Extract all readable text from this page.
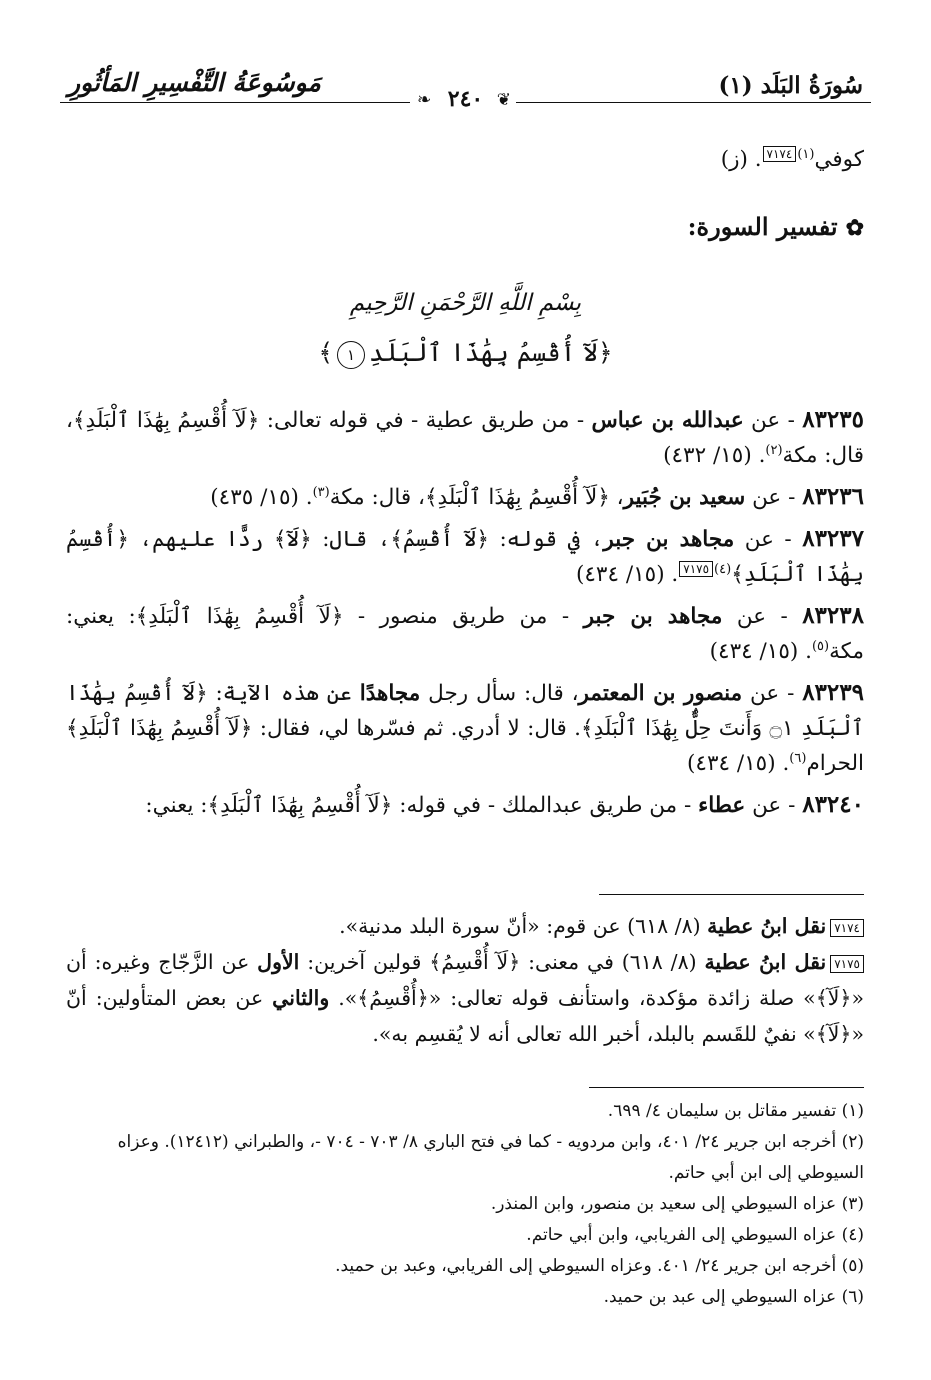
سُورَةُ البَلَد (١)
مَوسُوعَةُ التَّفْسِيرِ المَأثُورِ
❦
٢٤٠
❧
كوفي$^{(١)}$٧١٧٤. (ز)
✿تفسير السورة:
بِسْمِ اللَّهِ الرَّحْمَنِ الرَّحِيمِ
﴿لَآ أُقْسِمُ بِهَٰذَا ٱلْبَلَدِ١﴾

٨٣٢٣٥ - عن عبدالله بن عباس - من طريق عطية - في قوله تعالى: ﴿لَآ أُقْسِمُ بِهَٰذَا ٱلْبَلَدِ﴾، قال: مكة$^{(٢)}$. (١٥/ ٤٣٢)

٨٣٢٣٦ - عن سعيد بن جُبَير، ﴿لَآ أُقْسِمُ بِهَٰذَا ٱلْبَلَدِ﴾، قال: مكة$^{(٣)}$. (١٥/ ٤٣٥)

٨٣٢٣٧ - عن مجاهد بن جبر، في قوله: ﴿لَآ أُقْسِمُ﴾، قال: ﴿لَآ﴾ ردًّا عليهم، ﴿أُقْسِمُ بِهَٰذَا ٱلْبَلَدِ﴾$^{(٤)}$٧١٧٥. (١٥/ ٤٣٤)

٨٣٢٣٨ - عن مجاهد بن جبر - من طريق منصور - ﴿لَآ أُقْسِمُ بِهَٰذَا ٱلْبَلَدِ﴾: يعني: مكة$^{(٥)}$. (١٥/ ٤٣٤)

٨٣٢٣٩ - عن منصور بن المعتمر، قال: سأل رجل مجاهدًا عن هذه الآية: ﴿لَآ أُقْسِمُ بِهَٰذَا ٱلْبَلَدِ ۝١ وَأَنتَ حِلٌّۢ بِهَٰذَا ٱلْبَلَدِ﴾. قال: لا أدري. ثم فسّرها لي، فقال: ﴿لَآ أُقْسِمُ بِهَٰذَا ٱلْبَلَدِ﴾ الحرام$^{(٦)}$. (١٥/ ٤٣٤)

٨٣٢٤٠ - عن عطاء - من طريق عبدالملك - في قوله: ﴿لَآ أُقْسِمُ بِهَٰذَا ٱلْبَلَدِ﴾: يعني:

٧١٧٤نقل ابنُ عطية (٨/ ٦١٨) عن قوم: «أنّ سورة البلد مدنية».

٧١٧٥نقل ابنُ عطية (٨/ ٦١٨) في معنى: ﴿لَآ أُقْسِمُ﴾ قولين آخرين: الأول عن الزَّجّاج وغيره: أن «﴿لَآ﴾» صلة زائدة مؤكدة، واستأنف قوله تعالى: «﴿أُقْسِمُ﴾». والثاني عن بعض المتأولين: أنّ «﴿لَآ﴾» نفيٌ للقَسم بالبلد، أخبر الله تعالى أنه لا يُقسِم به».

(١) تفسير مقاتل بن سليمان ٤/ ٦٩٩.

(٢) أخرجه ابن جرير ٢٤/ ٤٠١، وابن مردويه - كما في فتح الباري ٨/ ٧٠٣ - ٧٠٤ -، والطبراني (١٢٤١٢). وعزاه السيوطي إلى ابن أبي حاتم.

(٣) عزاه السيوطي إلى سعيد بن منصور، وابن المنذر.

(٤) عزاه السيوطي إلى الفريابي، وابن أبي حاتم.

(٥) أخرجه ابن جرير ٢٤/ ٤٠١. وعزاه السيوطي إلى الفريابي، وعبد بن حميد.

(٦) عزاه السيوطي إلى عبد بن حميد.
